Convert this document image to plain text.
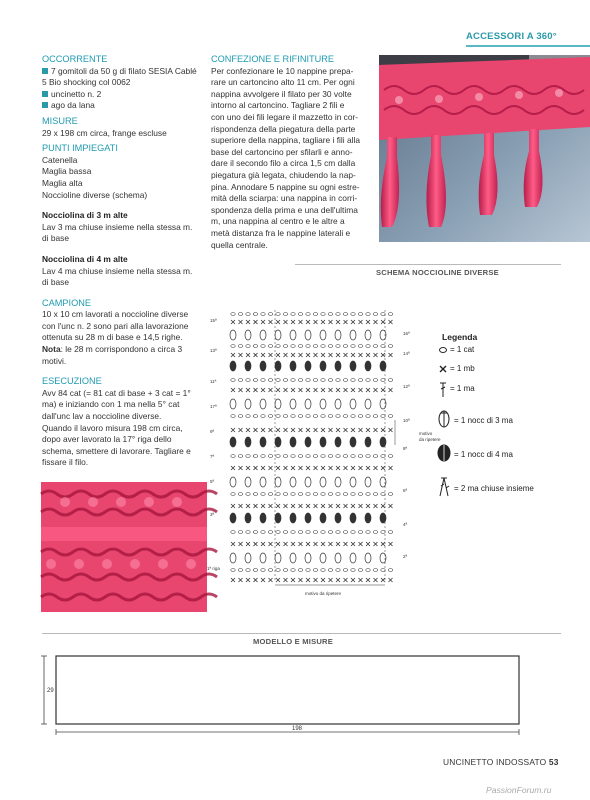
ACCESSORI A 360°
OCCORRENTE
7 gomitoli da 50 g di filato SESIA Cablé
5 Bio shocking col 0062
uncinetto n. 2
ago da lana
MISURE
29 x 198 cm circa, frange escluse
PUNTI IMPIEGATI
Catenella
Maglia bassa
Maglia alta
Noccioline diverse (schema)
Nocciolina di 3 m alte
Lav 3 ma chiuse insieme nella stessa m.
di base
Nocciolina di 4 m alte
Lav 4 ma chiuse insieme nella stessa m.
di base
CAMPIONE
10 x 10 cm lavorati a noccioline diverse
con l'unc n. 2 sono pari alla lavorazione
ottenuta su 28 m di base e 14,5 righe.
Nota: le 28 m corrispondono a circa 3
motivi.
ESECUZIONE
Avv 84 cat (= 81 cat di base + 3 cat = 1°
ma) e iniziando con 1 ma nella 5° cat
dall'unc lav a noccioline diverse.
Quando il lavoro misura 198 cm circa,
dopo aver lavorato la 17° riga dello
schema, smettere di lavorare. Tagliare e
fissare il filo.
CONFEZIONE E RIFINITURE
Per confezionare le 10 nappine prepa-
rare un cartoncino alto 11 cm. Per ogni
nappina avvolgere il filato per 30 volte
intorno al cartoncino. Tagliare 2 fili e
con uno dei fili legare il mazzetto in cor-
rispondenza della piegatura della parte
superiore della nappina, tagliare i fili alla
base del cartoncino per sfilarli e anno-
dare il secondo filo a circa 1,5 cm dalla
piegatura già legata, chiudendo la nap-
pina. Annodare 5 nappine su ogni estre-
mità della sciarpa: una nappina in corri-
spondenza della prima e una dell'ultima
m, una nappina al centro e le altre a
metà distanza fra le nappine laterali e
quella centrale.
SCHEMA NOCCIOLINE DIVERSE
15ª
13ª
11ª
17ª
9ª
7ª
5ª
3ª
1ª riga
16ª
14ª
12ª
10ª
8ª
6ª
4ª
2ª
motivo
da ripetere
motivo da ripetere
Legenda
= 1 cat
= 1 mb
= 1 ma
= 1 nocc di 3 ma
= 1 nocc di 4 ma
= 2 ma chiuse insieme
MODELLO E MISURE
29
198
UNCINETTO INDOSSATO 53
PassionForum.ru
